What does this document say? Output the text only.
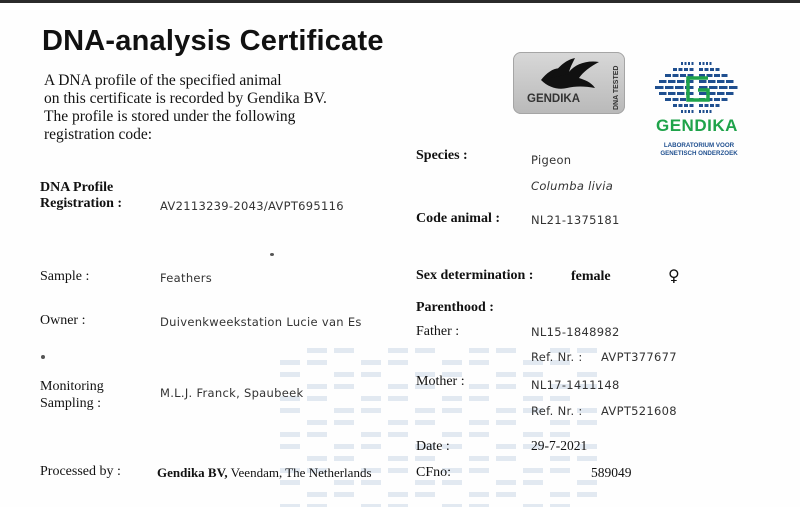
DNA-analysis Certificate
A DNA profile of the specified animal
on this certificate is recorded by Gendika BV.
The profile is stored under the following
registration code:
GENDIKA	DNA TESTED
GENDIKA
LABORATORIUM VOOR
GENETISCH ONDERZOEK
DNA Profile
Registration :	AV2113239-2043/AVPT695116
Sample :	Feathers
Owner :	Duivenkweekstation Lucie van Es
Monitoring
Sampling :
M.L.J. Franck, Spaubeek
Processed by :	Gendika BV, Veendam, The Netherlands
Species :	Pigeon
Columba livia
Code animal :	NL21-1375181
Sex determination :	female	♀
Parenthood :
Father :	NL15-1848982
Ref. Nr. : AVPT377677
Mother :	NL17-1411148
Ref. Nr. : AVPT521608
Date :	29-7-2021
CFno:	589049
